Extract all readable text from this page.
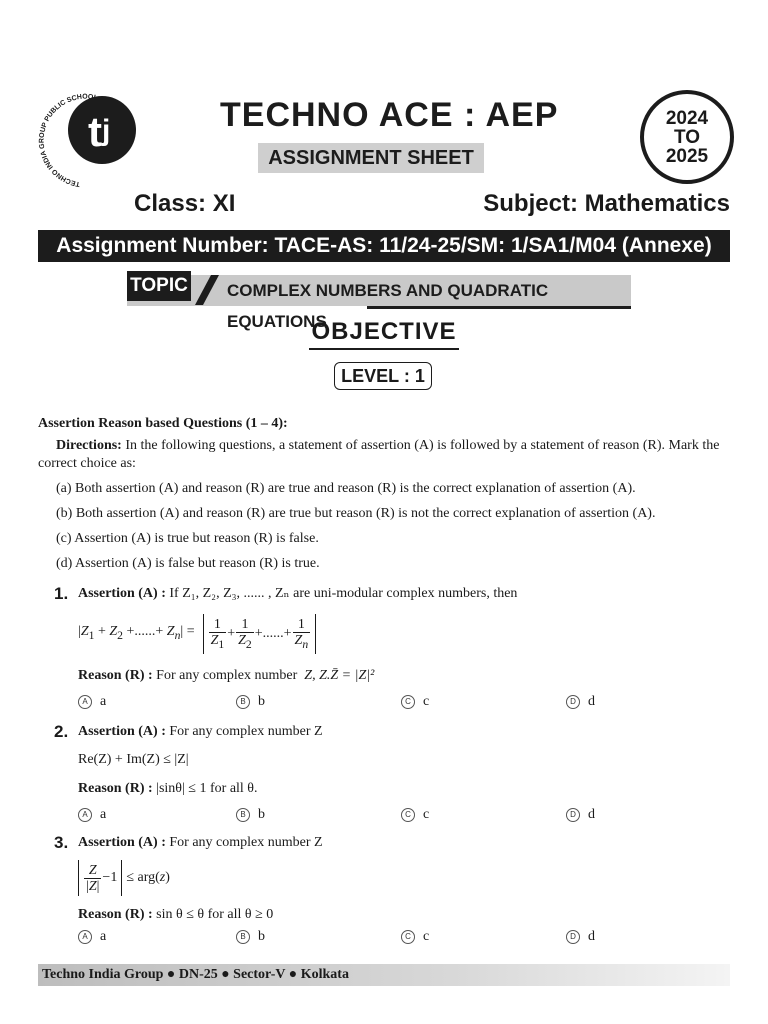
t j
TECHNO INDIA GROUP PUBLIC SCHOOL	TECHNO ACE : AEP
ASSIGNMENT SHEET
2024
TO
2025
Class: XI	Subject: Mathematics
Assignment Number: TACE-AS: 11/24-25/SM: 1/SA1/M04 (Annexe)
TOPIC COMPLEX NUMBERS AND QUADRATIC EQUATIONS
OBJECTIVE
LEVEL : 1
Assertion Reason based Questions (1 – 4):
Directions: In the following questions, a statement of assertion (A) is followed by a statement of reason (R). Mark the correct choice as:
(a) Both assertion (A) and reason (R) are true and reason (R) is the correct explanation of assertion (A).
(b) Both assertion (A) and reason (R) are true but reason (R) is not the correct explanation of assertion (A).
(c) Assertion (A) is true but reason (R) is false.
(d) Assertion (A) is false but reason (R) is true.
1. Assertion (A) : If Z₁, Z₂, Z₃, ...... , Zₙ are uni-modular complex numbers, then
$|Z_1 + Z_2$ +......+ $Z_n| = \frac{1}{Z_1} + \frac{1}{Z_2}$ +......+ $\frac{1}{Z_n}$
Reason (R) : For any complex number  Z, Z.Z̄ = |Z|²
A a	B b	C c	D d
2. Assertion (A) : For any complex number Z
Re(Z) + Im(Z) ≤ |Z|
Reason (R) : |sinθ| ≤ 1 for all θ.
A a	B b	C c	D d
3. Assertion (A) : For any complex number Z
$\frac{Z}{|Z|} -1 \le arg(z)$
Reason (R) : sin θ ≤ θ for all θ ≥ 0
A a	B b	C c	D d
Techno India Group ● DN-25 ● Sector-V ● Kolkata
